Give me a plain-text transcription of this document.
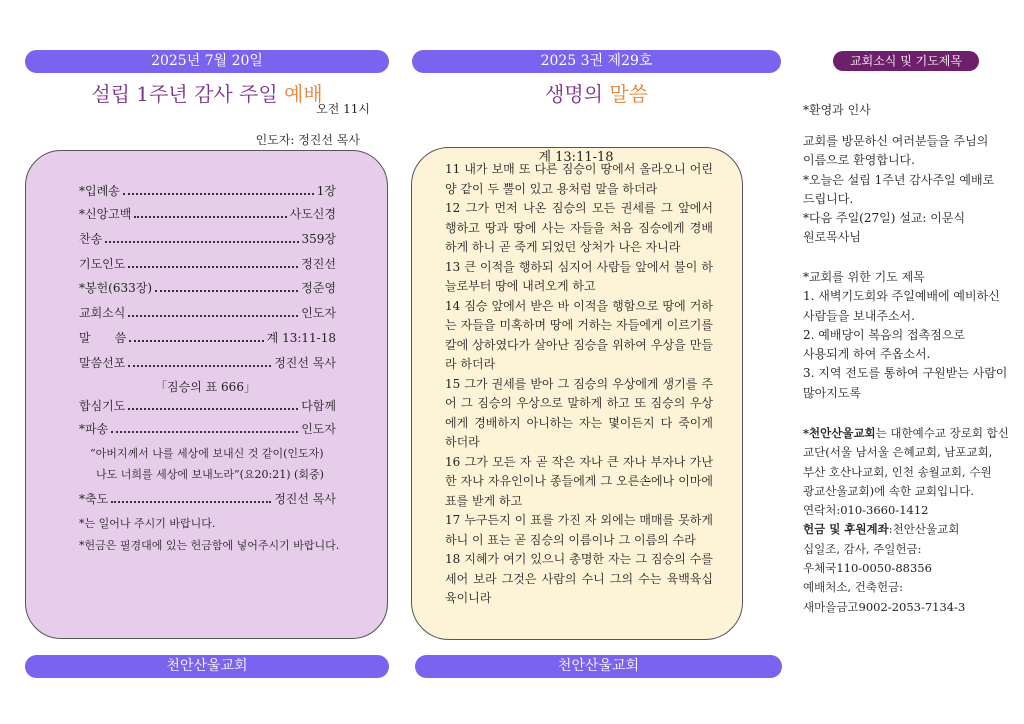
2025년 7월 20일
설립 1주년 감사 주일 예배
오전 11시
인도자: 정진선 목사
*입례송	1장
*신앙고백	사도신경
찬송	359장
기도인도	정진선
*봉헌(633장)	정준영
교회소식	인도자
말　　씀	계 13:11-18
말씀선포	정진선 목사
「짐승의 표 666」
합심기도	다함께
*파송	인도자
“아버지께서 나를 세상에 보내신 것 같이(인도자)
나도 너희를 세상에 보내노라”(요20:21) (회중)
*축도	정진선 목사
*는 일어나 주시기 바랍니다.
*헌금은 필경대에 있는 헌금함에 넣어주시기 바랍니다.
천안산울교회
2025 3권 제29호
생명의 말씀
계 13:11-18

11 내가 보매 또 다른 짐승이 땅에서 올라오니 어린 양 같이 두 뿔이 있고 용처럼 말을 하더라

12 그가 먼저 나온 짐승의 모든 권세를 그 앞에서 행하고 땅과 땅에 사는 자들을 처음 짐승에게 경배하게 하니 곧 죽게 되었던 상처가 나은 자니라

13 큰 이적을 행하되 심지어 사람들 앞에서 불이 하늘로부터 땅에 내려오게 하고

14 짐승 앞에서 받은 바 이적을 행함으로 땅에 거하는 자들을 미혹하며 땅에 거하는 자들에게 이르기를 칼에 상하였다가 살아난 짐승을 위하여 우상을 만들라 하더라

15 그가 권세를 받아 그 짐승의 우상에게 생기를 주어 그 짐승의 우상으로 말하게 하고 또 짐승의 우상에게 경배하지 아니하는 자는 몇이든지 다 죽이게 하더라

16 그가 모든 자 곧 작은 자나 큰 자나 부자나 가난한 자나 자유인이나 종들에게 그 오른손에나 이마에 표를 받게 하고

17 누구든지 이 표를 가진 자 외에는 매매를 못하게 하니 이 표는 곧 짐승의 이름이나 그 이름의 수라

18 지혜가 여기 있으니 총명한 자는 그 짐승의 수를 세어 보라 그것은 사람의 수니 그의 수는 육백육십육이니라

천안산울교회
교회소식 및 기도제목
*환영과 인사

교회를 방문하신 여러분들을 주님의

이름으로 환영합니다.

*오늘은 설립 1주년 감사주일 예배로

드립니다.

*다음 주일(27일) 설교: 이문식

원로목사님

*교회를 위한 기도 제목

1. 새벽기도회와 주일예배에 예비하신

사람들을 보내주소서.

2. 예배당이 복음의 접촉점으로

사용되게 하여 주옵소서.

3. 지역 전도를 통하여 구원받는 사람이

많아지도록

*천안산울교회는 대한예수교 장로회 합신

교단(서울 남서울 은혜교회, 남포교회,

부산 호산나교회, 인천 송월교회, 수원

광교산울교회)에 속한 교회입니다.

연락처:010-3660-1412

헌금 및 후원계좌:천안산울교회

십일조, 감사, 주일헌금:

우체국110-0050-88356

예배처소, 건축헌금:

새마을금고9002-2053-7134-3
